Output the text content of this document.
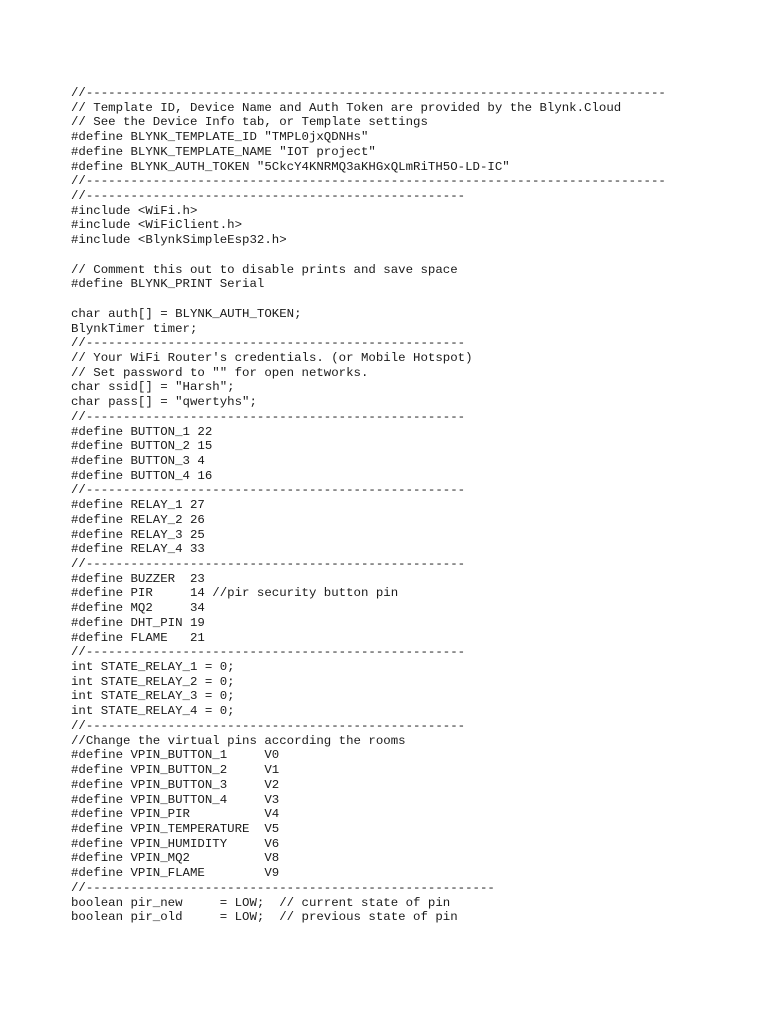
//------------------------------------------------------------------------------
// Template ID, Device Name and Auth Token are provided by the Blynk.Cloud
// See the Device Info tab, or Template settings
#define BLYNK_TEMPLATE_ID "TMPL0jxQDNHs"
#define BLYNK_TEMPLATE_NAME "IOT project"
#define BLYNK_AUTH_TOKEN "5CkcY4KNRMQ3aKHGxQLmRiTH5O-LD-IC"
//------------------------------------------------------------------------------
//---------------------------------------------------
#include <WiFi.h>
#include <WiFiClient.h>
#include <BlynkSimpleEsp32.h>
// Comment this out to disable prints and save space
#define BLYNK_PRINT Serial
char auth[] = BLYNK_AUTH_TOKEN;
BlynkTimer timer;
//---------------------------------------------------
// Your WiFi Router's credentials. (or Mobile Hotspot)
// Set password to "" for open networks.
char ssid[] = "Harsh";
char pass[] = "qwertyhs";
//---------------------------------------------------
#define BUTTON_1 22
#define BUTTON_2 15
#define BUTTON_3 4
#define BUTTON_4 16
//---------------------------------------------------
#define RELAY_1 27
#define RELAY_2 26
#define RELAY_3 25
#define RELAY_4 33
//---------------------------------------------------
#define BUZZER  23
#define PIR     14 //pir security button pin
#define MQ2     34
#define DHT_PIN 19
#define FLAME   21
//---------------------------------------------------
int STATE_RELAY_1 = 0;
int STATE_RELAY_2 = 0;
int STATE_RELAY_3 = 0;
int STATE_RELAY_4 = 0;
//---------------------------------------------------
//Change the virtual pins according the rooms
#define VPIN_BUTTON_1     V0
#define VPIN_BUTTON_2     V1
#define VPIN_BUTTON_3     V2
#define VPIN_BUTTON_4     V3
#define VPIN_PIR          V4
#define VPIN_TEMPERATURE  V5
#define VPIN_HUMIDITY     V6
#define VPIN_MQ2          V8
#define VPIN_FLAME        V9
//-------------------------------------------------------
boolean pir_new     = LOW;  // current state of pin
boolean pir_old     = LOW;  // previous state of pin
